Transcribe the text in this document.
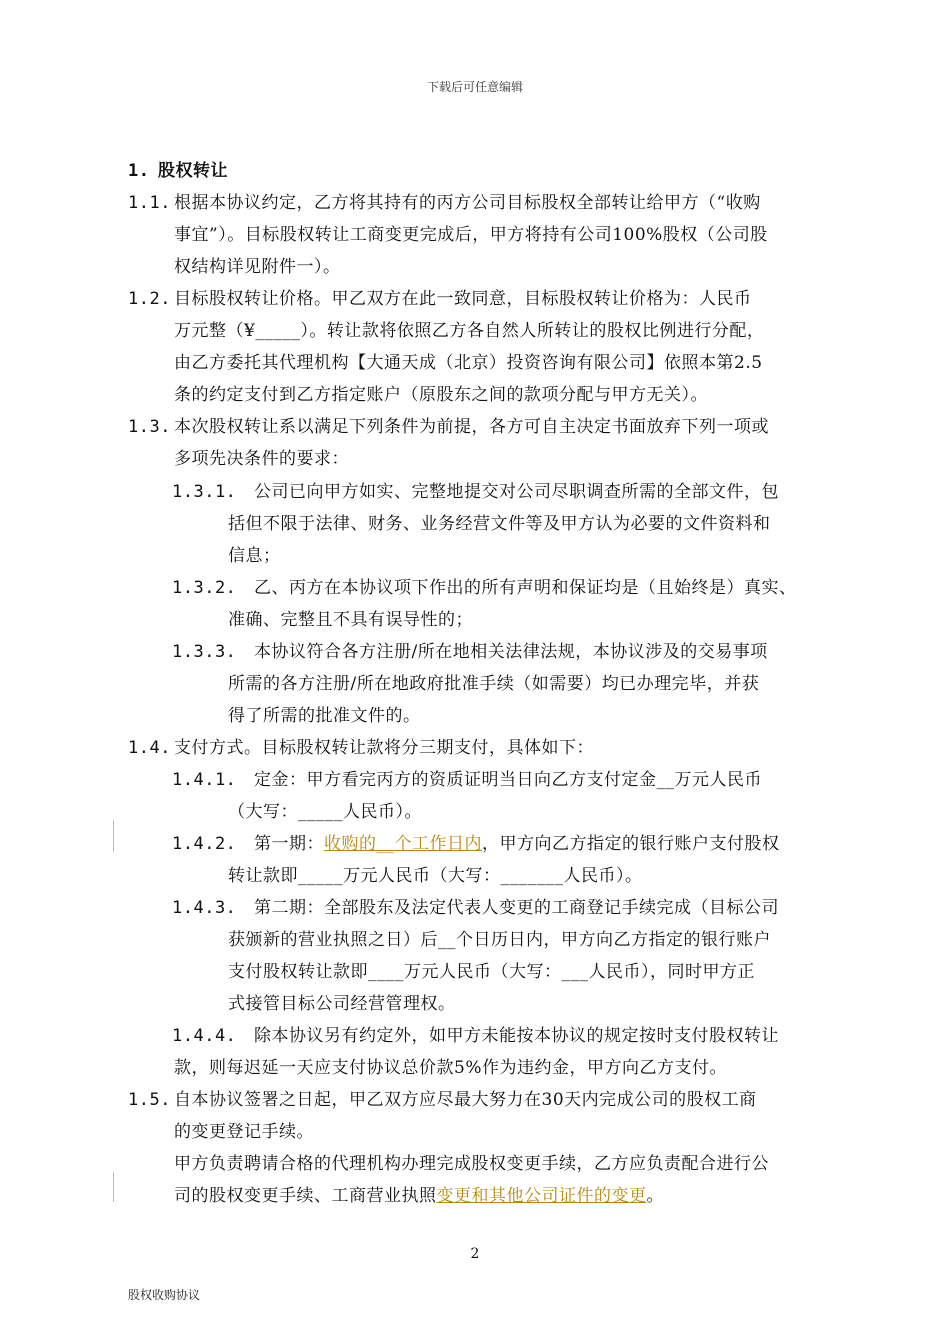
下载后可任意编辑
1. 股权转让
1.1. 根据本协议约定，乙方将其持有的丙方公司目标股权全部转让给甲方（“收购
事宜”）。目标股权转让工商变更完成后，甲方将持有公司100%股权（公司股
权结构详见附件一）。
1.2. 目标股权转让价格。甲乙双方在此一致同意，目标股权转让价格为：人民币
万元整（¥_____）。转让款将依照乙方各自然人所转让的股权比例进行分配，
由乙方委托其代理机构【大通天成（北京）投资咨询有限公司】依照本第2.5
条的约定支付到乙方指定账户（原股东之间的款项分配与甲方无关）。
1.3. 本次股权转让系以满足下列条件为前提，各方可自主决定书面放弃下列一项或
多项先决条件的要求：
1.3.1. 公司已向甲方如实、完整地提交对公司尽职调查所需的全部文件，包
括但不限于法律、财务、业务经营文件等及甲方认为必要的文件资料和
信息；
1.3.2. 乙、丙方在本协议项下作出的所有声明和保证均是（且始终是）真实、
准确、完整且不具有误导性的；
1.3.3. 本协议符合各方注册/所在地相关法律法规，本协议涉及的交易事项
所需的各方注册/所在地政府批准手续（如需要）均已办理完毕，并获
得了所需的批准文件的。
1.4. 支付方式。目标股权转让款将分三期支付，具体如下：
1.4.1. 定金：甲方看完丙方的资质证明当日向乙方支付定金__万元人民币
（大写：_____人民币）。
1.4.2. 第一期：收购的__个工作日内，甲方向乙方指定的银行账户支付股权
转让款即_____万元人民币（大写：_______人民币）。
1.4.3. 第二期：全部股东及法定代表人变更的工商登记手续完成（目标公司
获颁新的营业执照之日）后__个日历日内，甲方向乙方指定的银行账户
支付股权转让款即____万元人民币（大写：___人民币），同时甲方正
式接管目标公司经营管理权。
1.4.4. 除本协议另有约定外，如甲方未能按本协议的规定按时支付股权转让
款，则每迟延一天应支付协议总价款5%作为违约金，甲方向乙方支付。
1.5. 自本协议签署之日起，甲乙双方应尽最大努力在30天内完成公司的股权工商
的变更登记手续。
甲方负责聘请合格的代理机构办理完成股权变更手续，乙方应负责配合进行公
司的股权变更手续、工商营业执照变更和其他公司证件的变更。
2
股权收购协议
